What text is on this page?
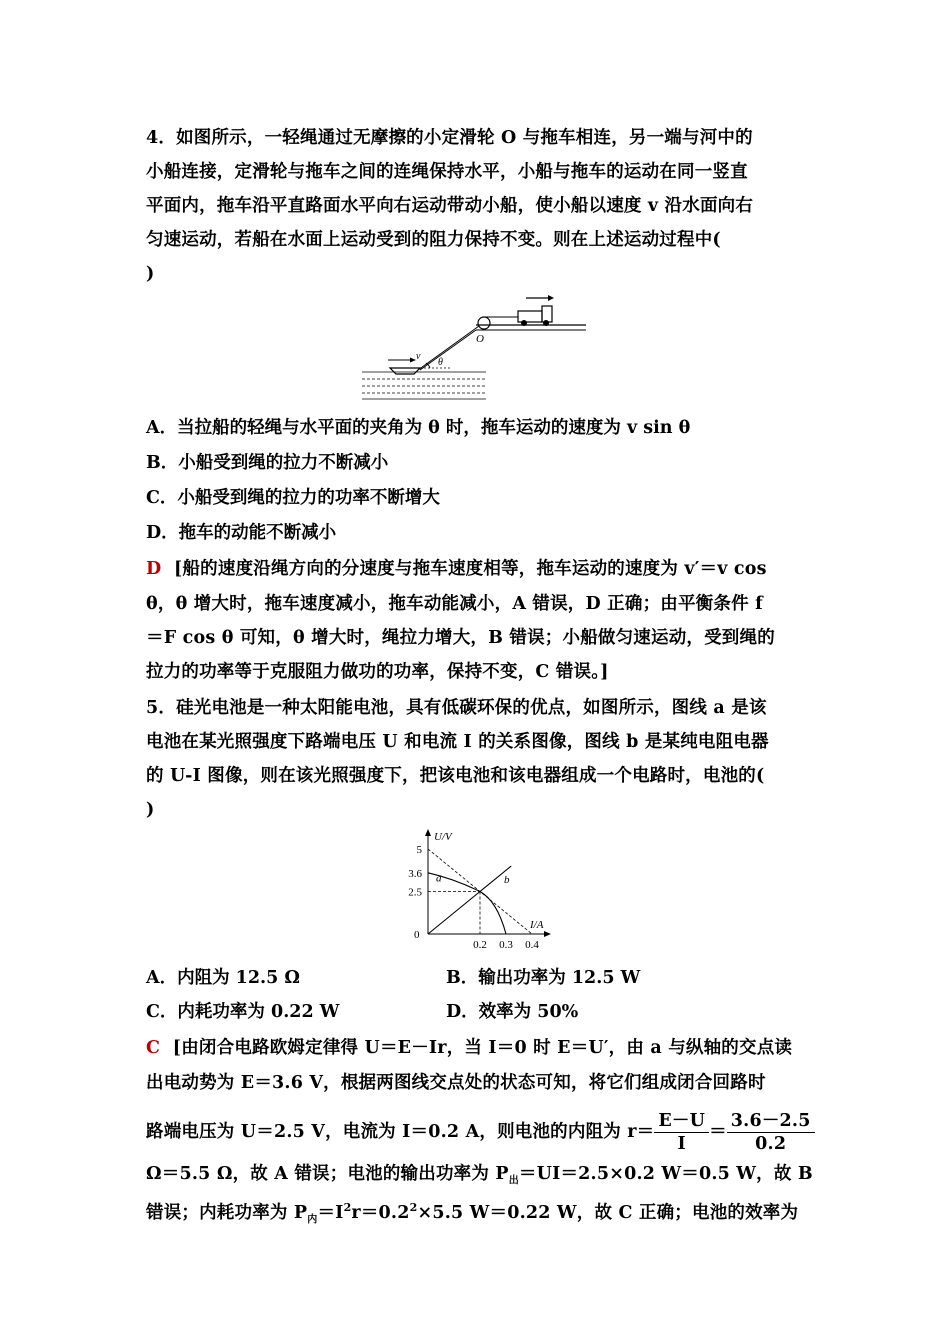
4．如图所示，一轻绳通过无摩擦的小定滑轮 O 与拖车相连，另一端与河中的
小船连接，定滑轮与拖车之间的连绳保持水平，小船与拖车的运动在同一竖直
平面内，拖车沿平直路面水平向右运动带动小船，使小船以速度 v 沿水面向右
匀速运动，若船在水面上运动受到的阻力保持不变。则在上述运动过程中(
)
O
v
θ
A．当拉船的轻绳与水平面的夹角为 θ 时，拖车运动的速度为 v sin θ
B．小船受到绳的拉力不断减小
C．小船受到绳的拉力的功率不断增大
D．拖车的动能不断减小
D [船的速度沿绳方向的分速度与拖车速度相等，拖车运动的速度为 v′＝v cos
θ，θ 增大时，拖车速度减小，拖车动能减小，A 错误，D 正确；由平衡条件 f
＝F cos θ 可知，θ 增大时，绳拉力增大，B 错误；小船做匀速运动，受到绳的
拉力的功率等于克服阻力做功的功率，保持不变，C 错误。]
5．硅光电池是一种太阳能电池，具有低碳环保的优点，如图所示，图线 a 是该
电池在某光照强度下路端电压 U 和电流 I 的关系图像，图线 b 是某纯电阻电器
的 U-I 图像，则在该光照强度下，把该电池和该电器组成一个电路时，电池的(
)
U/V
I/A
0
5
3.6
2.5
0.2 0.3 0.4
a	b
A．内阻为 12.5 Ω	B．输出功率为 12.5 W
C．内耗功率为 0.22 W	D．效率为 50%
C [由闭合电路欧姆定律得 U＝E－Ir，当 I＝0 时 E＝U′，由 a 与纵轴的交点读
出电动势为 E＝3.6 V，根据两图线交点处的状态可知，将它们组成闭合回路时
路端电压为 U＝2.5 V，电流为 I＝0.2 A，则电池的内阻为 $r= \frac{E-U}{I} = \frac{3.6-2.5}{0.2}$
Ω＝5.5 Ω，故 A 错误；电池的输出功率为 $P_出=UI=2.5\times 0.2$ W＝0.5 W，故 B
错误；内耗功率为 $P_内=I^2r=0.2^2\times 5.5$ W＝0.22 W，故 C 正确；电池的效率为
